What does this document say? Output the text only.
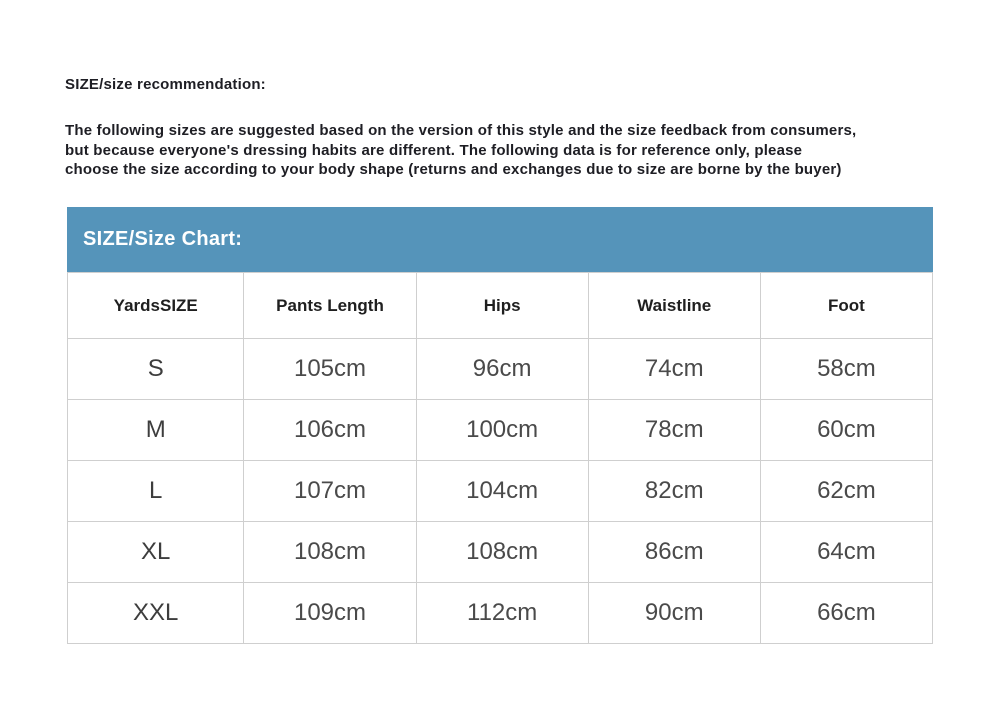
SIZE/size recommendation:
The following sizes are suggested based on the version of this style and the size feedback from consumers,
but because everyone's dressing habits are different. The following data is for reference only, please
choose the size according to your body shape (returns and exchanges due to size are borne by the buyer)
SIZE/Size Chart:
YardsSIZE	Pants Length	Hips	Waistline	Foot
S	105cm	96cm	74cm	58cm
M	106cm	100cm	78cm	60cm
L	107cm	104cm	82cm	62cm
XL	108cm	108cm	86cm	64cm
XXL	109cm	112cm	90cm	66cm
